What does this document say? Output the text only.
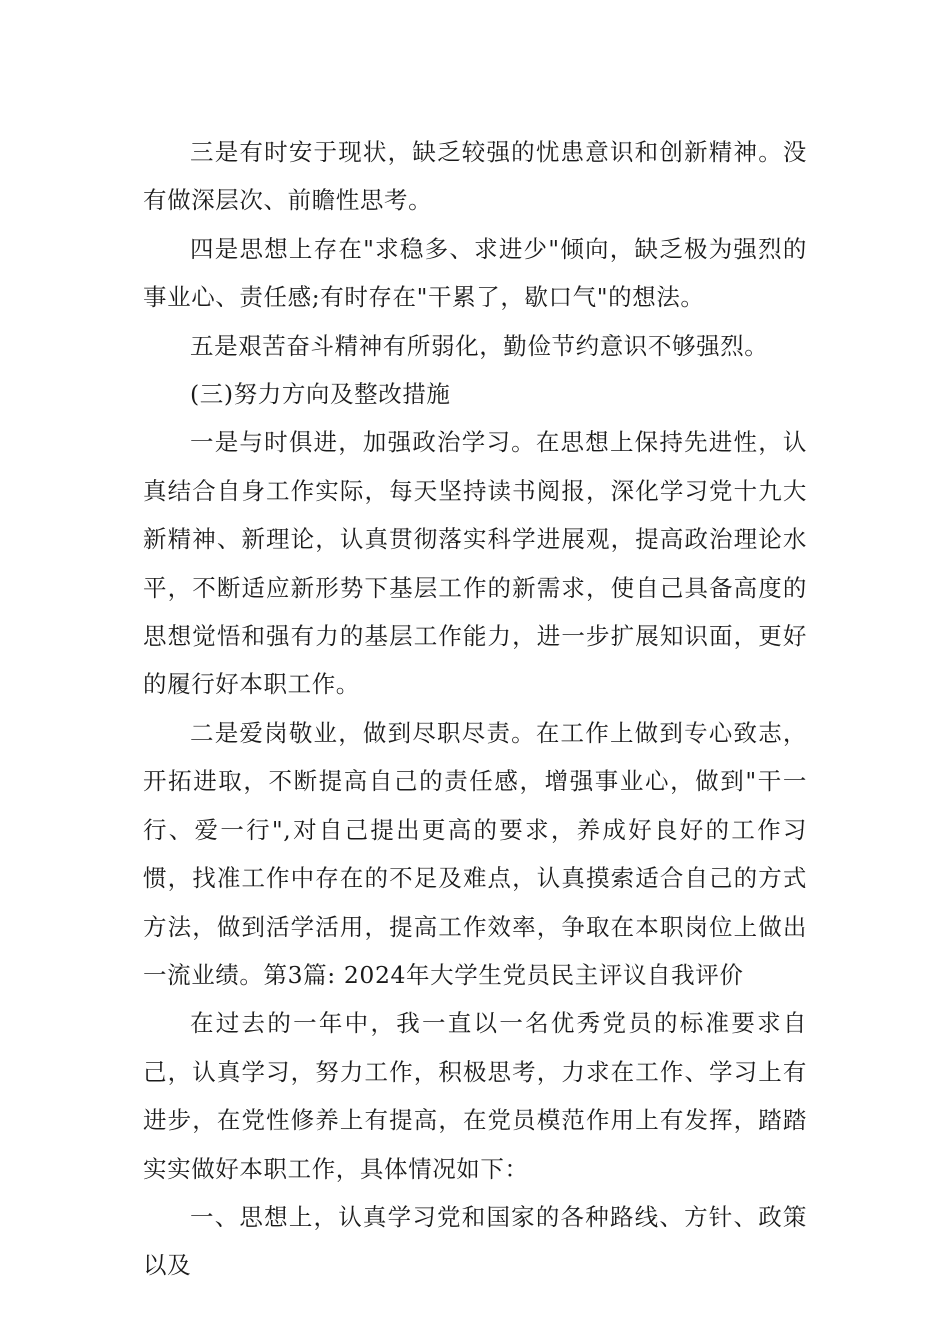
三是有时安于现状，缺乏较强的忧患意识和创新精神。没有做深层次、前瞻性思考。

四是思想上存在"求稳多、求进少"倾向，缺乏极为强烈的事业心、责任感;有时存在"干累了，歇口气"的想法。

五是艰苦奋斗精神有所弱化，勤俭节约意识不够强烈。

(三)努力方向及整改措施

一是与时俱进，加强政治学习。在思想上保持先进性，认真结合自身工作实际，每天坚持读书阅报，深化学习党十九大新精神、新理论，认真贯彻落实科学进展观，提高政治理论水平，不断适应新形势下基层工作的新需求，使自己具备高度的思想觉悟和强有力的基层工作能力，进一步扩展知识面，更好的履行好本职工作。

二是爱岗敬业，做到尽职尽责。在工作上做到专心致志，开拓进取，不断提高自己的责任感，增强事业心，做到"干一行、爱一行",对自己提出更高的要求，养成好良好的工作习惯，找准工作中存在的不足及难点，认真摸索适合自己的方式方法，做到活学活用，提高工作效率，争取在本职岗位上做出一流业绩。第3篇: 2024年大学生党员民主评议自我评价

在过去的一年中，我一直以一名优秀党员的标准要求自己，认真学习，努力工作，积极思考，力求在工作、学习上有进步，在党性修养上有提高，在党员模范作用上有发挥，踏踏实实做好本职工作，具体情况如下：

一、思想上，认真学习党和国家的各种路线、方针、政策以及
